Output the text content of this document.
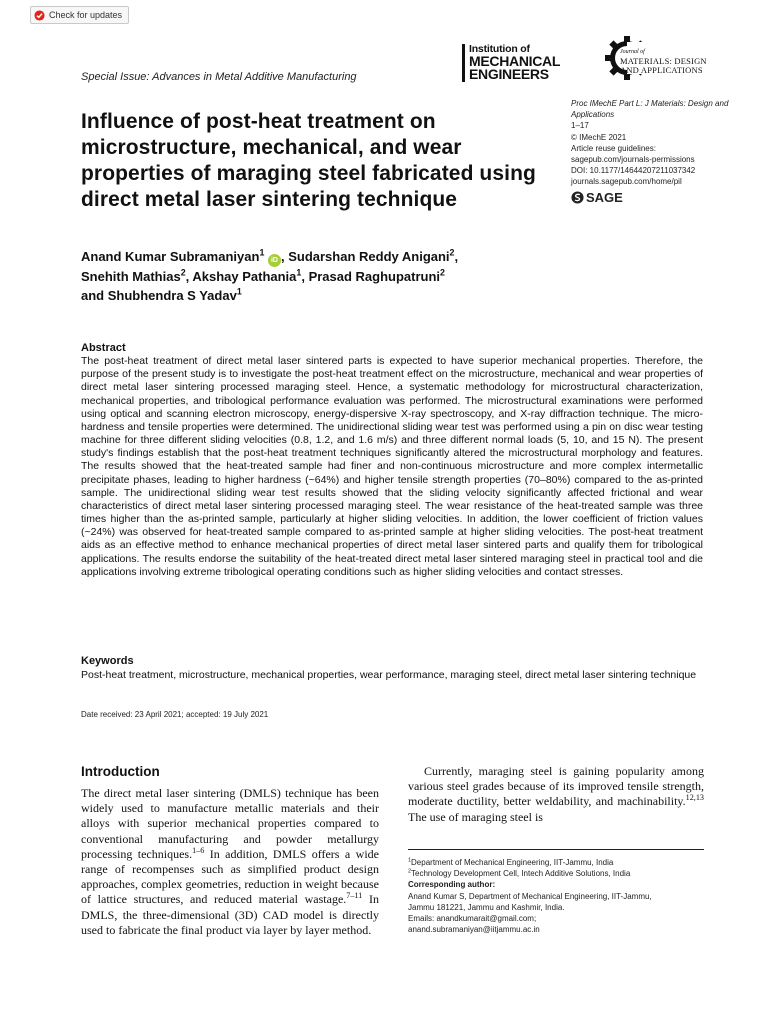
Check for updates
Special Issue: Advances in Metal Additive Manufacturing
Institution of
MECHANICAL
ENGINEERS
Journal of
MATERIALS: DESIGN
AND APPLICATIONS
Influence of post-heat treatment on microstructure, mechanical, and wear properties of maraging steel fabricated using direct metal laser sintering technique
Proc IMechE Part L: J Materials: Design and Applications
1–17
© IMechE 2021
Article reuse guidelines:
sagepub.com/journals-permissions
DOI: 10.1177/14644207211037342
journals.sagepub.com/home/pil
SAGE
Anand Kumar Subramaniyan$^1$ iD , Sudarshan Reddy Anigani$^2$,
Snehith Mathias$^2$, Akshay Pathania$^1$, Prasad Raghupatruni$^2$
and Shubhendra S Yadav$^1$
Abstract
The post-heat treatment of direct metal laser sintered parts is expected to have superior mechanical properties. Therefore, the purpose of the present study is to investigate the post-heat treatment effect on the microstructure, mechanical and wear properties of direct metal laser sintering processed maraging steel. Hence, a systematic methodology for microstructural characterization, mechanical properties, and tribological performance evaluation was performed. The microstructural examinations were performed using optical and scanning electron microscopy, energy-dispersive X-ray spectroscopy, and X-ray diffraction technique. The micro-hardness and tensile properties were determined. The unidirectional sliding wear test was performed using a pin on disc wear testing machine for three different sliding velocities (0.8, 1.2, and 1.6 m/s) and three different normal loads (5, 10, and 15 N). The present study's findings establish that the post-heat treatment techniques significantly altered the microstructural morphology and features. The results showed that the heat-treated sample had finer and non-continuous microstructure and more complex intermetallic precipitate phases, leading to higher hardness (~64%) and higher tensile strength properties (70–80%) compared to the as-printed sample. The unidirectional sliding wear test results showed that the sliding velocity significantly affected frictional and wear characteristics of direct metal laser sintering processed maraging steel. The wear resistance of the heat-treated sample was three times higher than the as-printed sample, particularly at higher sliding velocities. In addition, the lower coefficient of friction values (~24%) was observed for heat-treated sample compared to as-printed sample at higher sliding velocities. The post-heat treatment aids as an effective method to enhance mechanical properties of direct metal laser sintered parts and qualify them for tribological applications. The results endorse the suitability of the heat-treated direct metal laser sintered maraging steel in practical tool and die applications involving extreme tribological operating conditions such as higher sliding velocities and contact stresses.
Keywords
Post-heat treatment, microstructure, mechanical properties, wear performance, maraging steel, direct metal laser sintering technique
Date received: 23 April 2021; accepted: 19 July 2021
Introduction
The direct metal laser sintering (DMLS) technique has been widely used to manufacture metallic materials and their alloys with superior mechanical properties compared to conventional manufacturing and powder metallurgy processing techniques.$^{1-6}$ In addition, DMLS offers a wide range of recompenses such as simplified product design approaches, complex geometries, reduction in weight because of lattice structures, and reduced material wastage.$^{7-11}$ In DMLS, the three-dimensional (3D) CAD model is directly used to fabricate the final product via layer by layer method.
Currently, maraging steel is gaining popularity among various steel grades because of its improved tensile strength, moderate ductility, better weldability, and machinability.$^{12,13}$ The use of maraging steel is
$^1$Department of Mechanical Engineering, IIT-Jammu, India
$^2$Technology Development Cell, Intech Additive Solutions, India
Corresponding author:
Anand Kumar S, Department of Mechanical Engineering, IIT-Jammu,
Jammu 181221, Jammu and Kashmir, India.
Emails: anandkumarait@gmail.com;
anand.subramaniyan@iitjammu.ac.in
